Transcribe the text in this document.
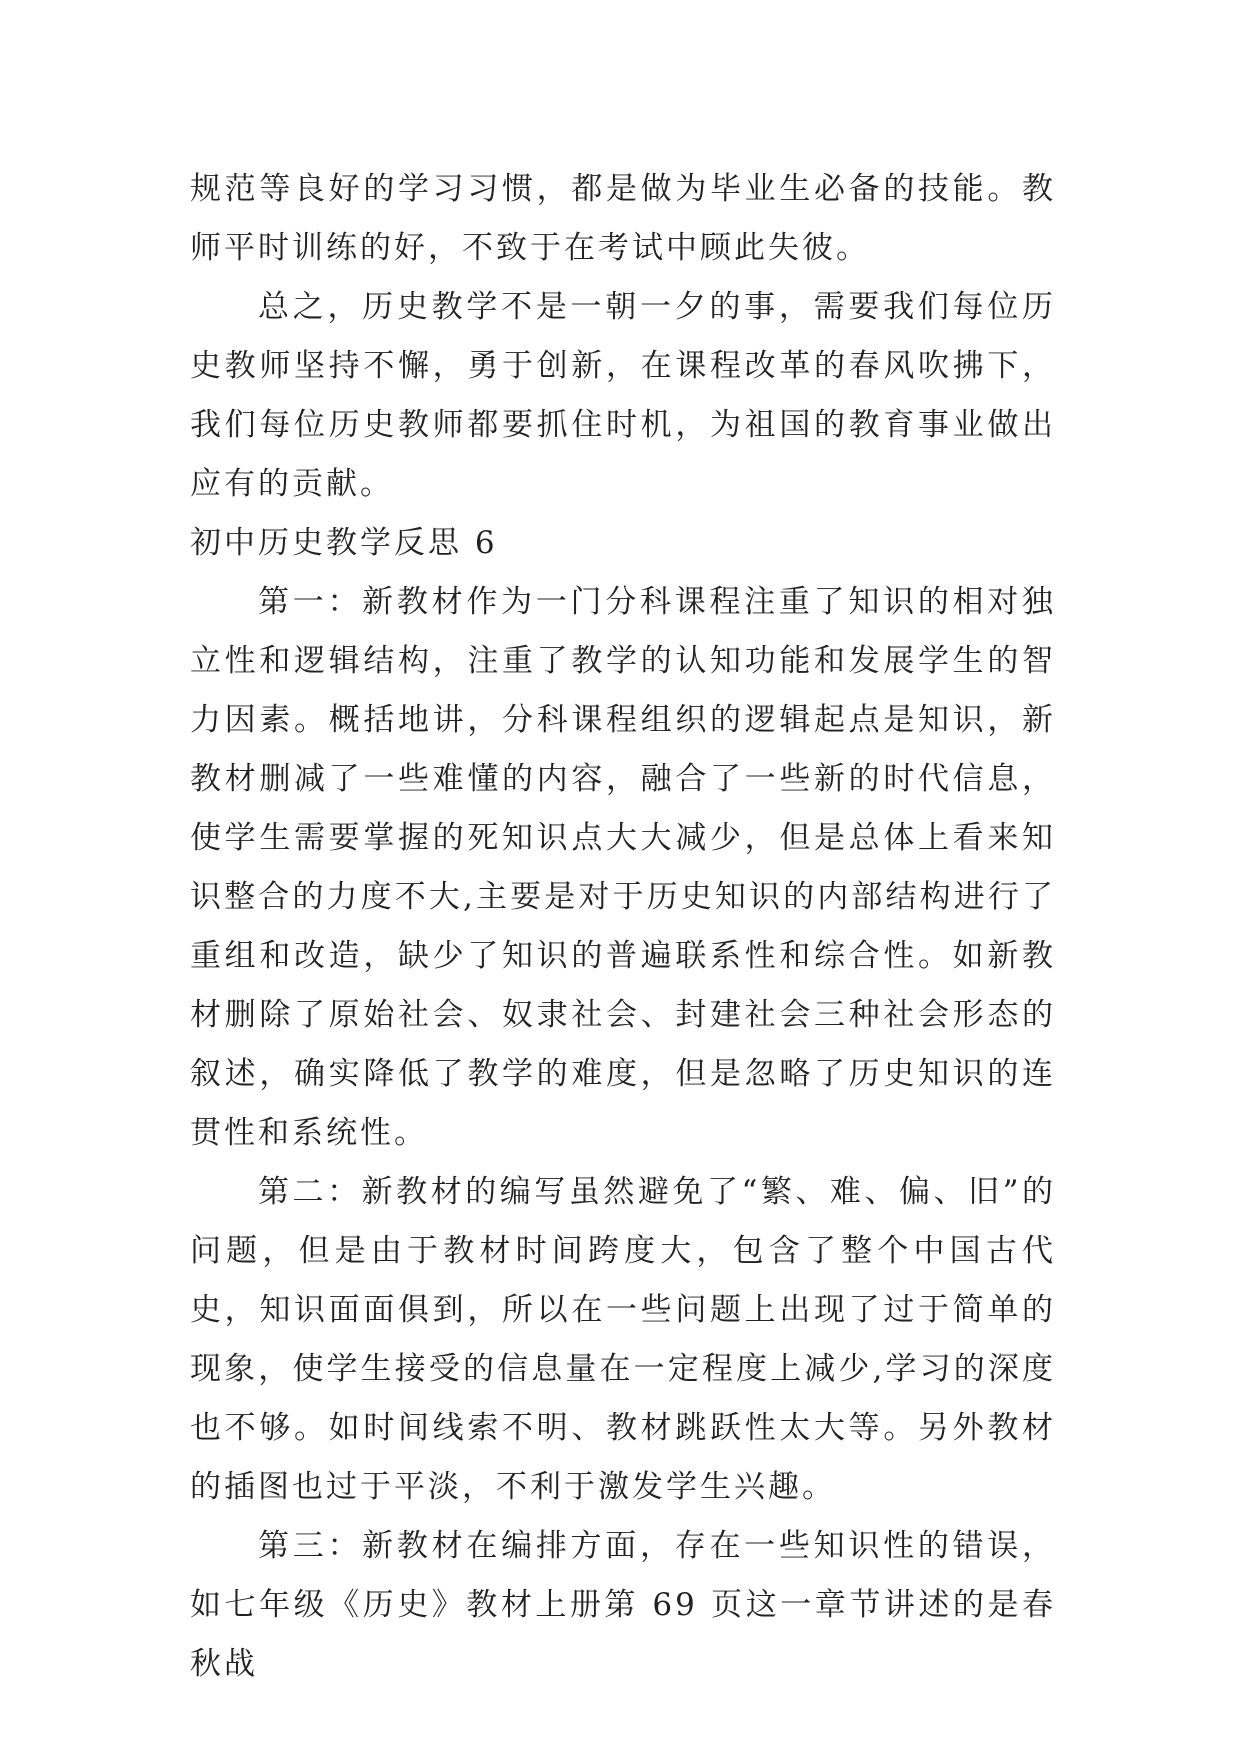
规范等良好的学习习惯，都是做为毕业生必备的技能。教师平时训练的好，不致于在考试中顾此失彼。

总之，历史教学不是一朝一夕的事，需要我们每位历史教师坚持不懈，勇于创新，在课程改革的春风吹拂下，我们每位历史教师都要抓住时机，为祖国的教育事业做出应有的贡献。

初中历史教学反思 6

第一：新教材作为一门分科课程注重了知识的相对独立性和逻辑结构，注重了教学的认知功能和发展学生的智力因素。概括地讲，分科课程组织的逻辑起点是知识，新教材删减了一些难懂的内容，融合了一些新的时代信息，使学生需要掌握的死知识点大大减少，但是总体上看来知识整合的力度不大,主要是对于历史知识的内部结构进行了重组和改造，缺少了知识的普遍联系性和综合性。如新教材删除了原始社会、奴隶社会、封建社会三种社会形态的叙述，确实降低了教学的难度，但是忽略了历史知识的连贯性和系统性。

第二：新教材的编写虽然避免了“繁、难、偏、旧”的问题，但是由于教材时间跨度大，包含了整个中国古代史，知识面面俱到，所以在一些问题上出现了过于简单的现象，使学生接受的信息量在一定程度上减少,学习的深度也不够。如时间线索不明、教材跳跃性太大等。另外教材的插图也过于平淡，不利于激发学生兴趣。

第三：新教材在编排方面，存在一些知识性的错误，如七年级《历史》教材上册第 69 页这一章节讲述的是春秋战
